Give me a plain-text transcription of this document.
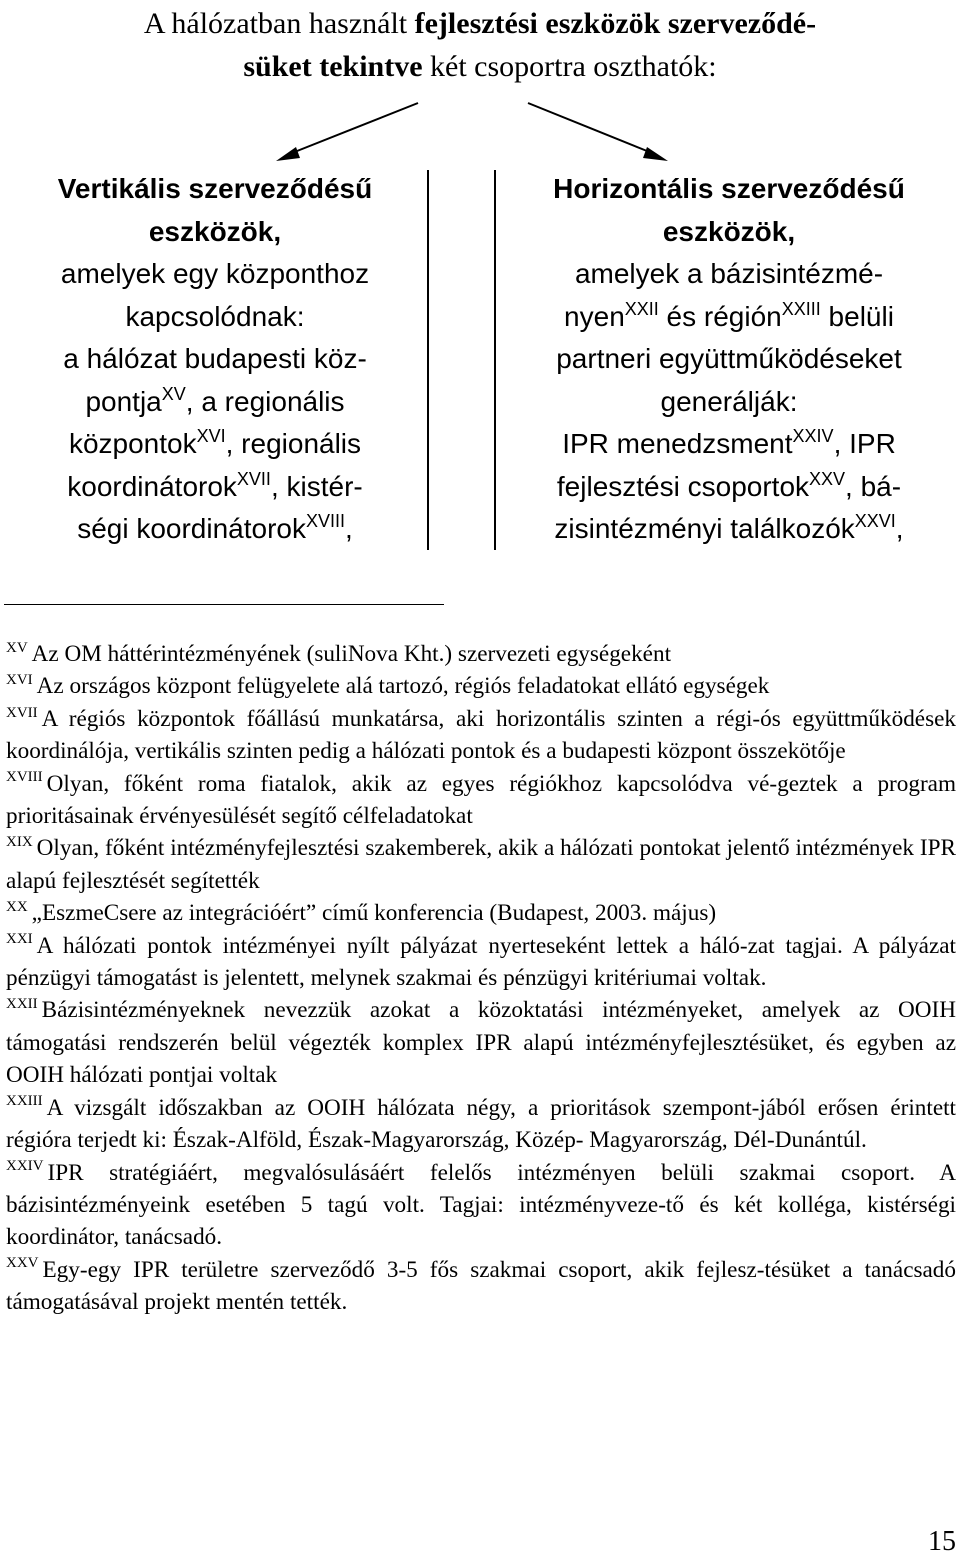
A hálózatban használt fejlesztési eszközök szerveződé-
süket tekintve két csoportra oszthatók:
Vertikális szerveződésű
eszközök,
amelyek egy központhoz
kapcsolódnak:
a hálózat budapesti köz-
pontja$^{XV}$, a regionális
központok$^{XVI}$, regionális
koordinátorok$^{XVII}$, kistér-
ségi koordinátorok$^{XVIII}$,
Horizontális szerveződésű
eszközök,
amelyek a bázisintézmé-
nyen$^{XXII}$ és régión$^{XXIII}$ belüli
partneri együttműködéseket
generálják:
IPR menedzsment$^{XXIV}$, IPR
fejlesztési csoportok$^{XXV}$, bá-
zisintézményi találkozók$^{XXVI}$,

$^{XV}$ Az OM háttérintézményének (suliNova Kht.) szervezeti egységeként

$^{XVI}$ Az országos központ felügyelete alá tartozó, régiós feladatokat ellátó egységek

$^{XVII}$ A régiós központok főállású munkatársa, aki horizontális szinten a régi-ós együttműködések koordinálója, vertikális szinten pedig a hálózati pontok és a budapesti központ összekötője

$^{XVIII}$ Olyan, főként roma fiatalok, akik az egyes régiókhoz kapcsolódva vé-geztek a program prioritásainak érvényesülését segítő célfeladatokat

$^{XIX}$ Olyan, főként intézményfejlesztési szakemberek, akik a hálózati pontokat jelentő intézmények IPR alapú fejlesztését segítették

$^{XX}$ „EszmeCsere az integrációért” című konferencia (Budapest, 2003. május)

$^{XXI}$ A hálózati pontok intézményei nyílt pályázat nyerteseként lettek a háló-zat tagjai. A pályázat pénzügyi támogatást is jelentett, melynek szakmai és pénzügyi kritériumai voltak.

$^{XXII}$ Bázisintézményeknek nevezzük azokat a közoktatási intézményeket, amelyek az OOIH támogatási rendszerén belül végezték komplex IPR alapú intézményfejlesztésüket, és egyben az OOIH hálózati pontjai voltak

$^{XXIII}$ A vizsgált időszakban az OOIH hálózata négy, a prioritások szempont-jából erősen érintett régióra terjedt ki: Észak-Alföld, Észak-Magyarország, Közép- Magyarország, Dél-Dunántúl.

$^{XXIV}$ IPR stratégiáért, megvalósulásáért felelős intézményen belüli szakmai csoport. A bázisintézményeink esetében 5 tagú volt. Tagjai: intézményveze-tő és két kolléga, kistérségi koordinátor, tanácsadó.

$^{XXV}$ Egy-egy IPR területre szerveződő 3-5 fős szakmai csoport, akik fejlesz-tésüket a tanácsadó támogatásával projekt mentén tették.

15
